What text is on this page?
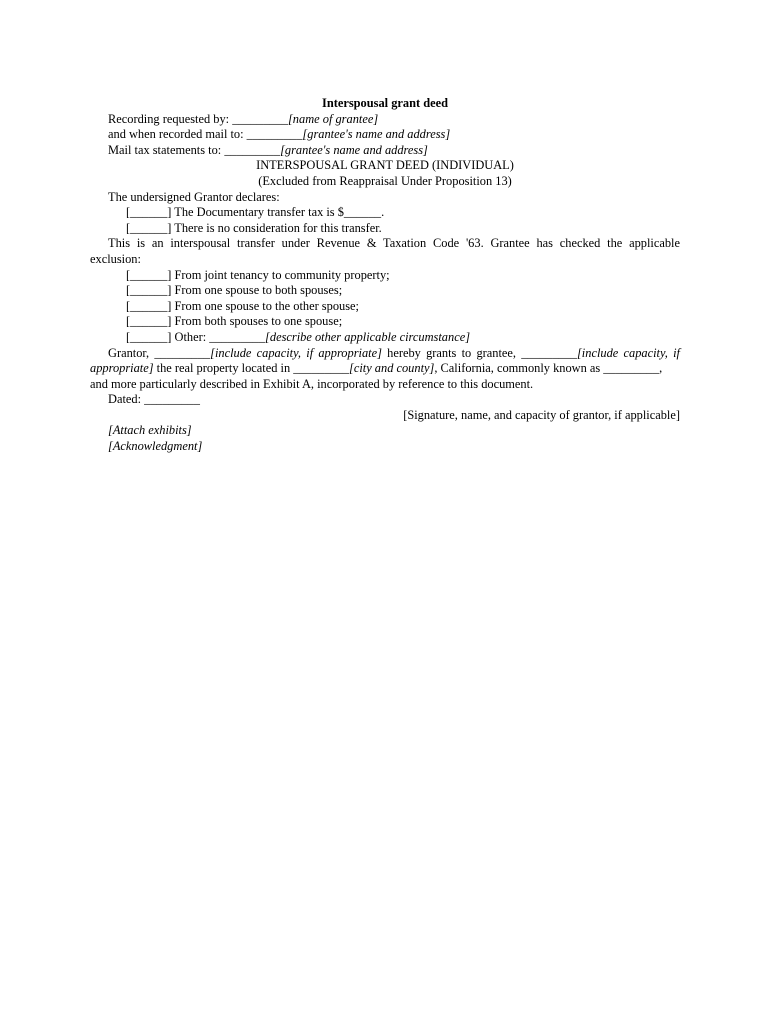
Interspousal grant deed
Recording requested by: _________[name of grantee]
and when recorded mail to: _________[grantee's name and address]
Mail tax statements to: _________[grantee's name and address]
INTERSPOUSAL GRANT DEED (INDIVIDUAL)
(Excluded from Reappraisal Under Proposition 13)
The undersigned Grantor declares:
[______] The Documentary transfer tax is $______.
[______] There is no consideration for this transfer.
This is an interspousal transfer under Revenue & Taxation Code '63. Grantee has checked the applicable
exclusion:
[______] From joint tenancy to community property;
[______] From one spouse to both spouses;
[______] From one spouse to the other spouse;
[______] From both spouses to one spouse;
[______] Other: _________[describe other applicable circumstance]
Grantor, _________[include capacity, if appropriate] hereby grants to grantee, _________[include capacity, if appropriate] the real property located in _________[city and county], California, commonly known as _________,
and more particularly described in Exhibit A, incorporated by reference to this document.
Dated: _________
[Signature, name, and capacity of grantor, if applicable]
[Attach exhibits]
[Acknowledgment]
